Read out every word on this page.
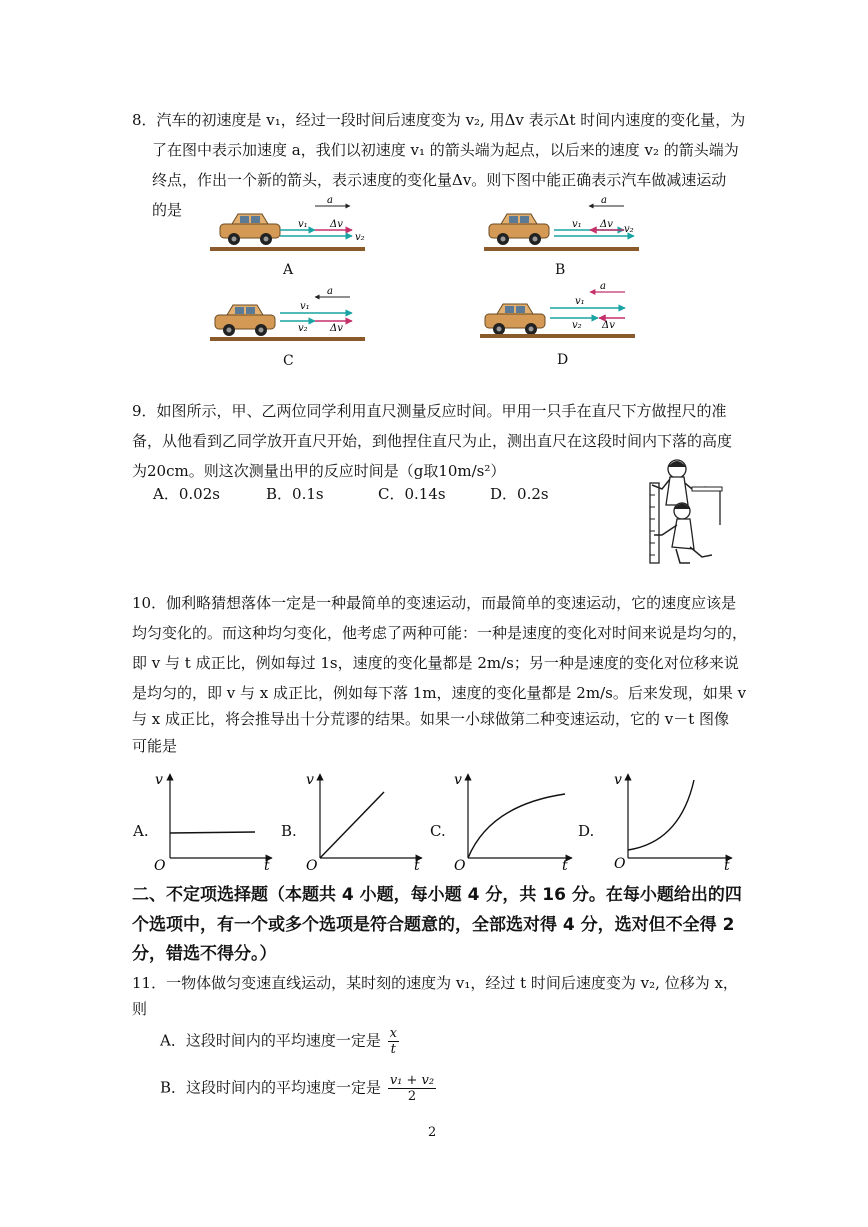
8．汽车的初速度是 v₁，经过一段时间后速度变为 v₂, 用Δv 表示Δt 时间内速度的变化量，为
了在图中表示加速度 a，我们以初速度 v₁ 的箭头端为起点，以后来的速度 v₂ 的箭头端为
终点，作出一个新的箭头，表示速度的变化量Δv。则下图中能正确表示汽车做减速运动
的是
a
v₁ Δv
v₂
A
a
v₁ Δv v₂
B
a
v₁
v₂ Δv
C
a
v₁
v₂ Δv
D
9．如图所示，甲、乙两位同学利用直尺测量反应时间。甲用一只手在直尺下方做捏尺的准
备，从他看到乙同学放开直尺开始，到他捏住直尺为止，测出直尺在这段时间内下落的高度
为20cm。则这次测量出甲的反应时间是（g取10m/s²）
A．0.02s	B．0.1s	C．0.14s	D．0.2s
10．伽利略猜想落体一定是一种最简单的变速运动，而最简单的变速运动，它的速度应该是
均匀变化的。而这种均匀变化，他考虑了两种可能：一种是速度的变化对时间来说是均匀的，
即 v 与 t 成正比，例如每过 1s，速度的变化量都是 2m/s；另一种是速度的变化对位移来说
是均匀的，即 v 与 x 成正比，例如每下落 1m，速度的变化量都是 2m/s。后来发现，如果 v
与 x 成正比，将会推导出十分荒谬的结果。如果一小球做第二种变速运动，它的 v－t 图像
可能是
A.
v
t
O
B.
v
t
O
C.
v
t
O
D.
v
t
O
二、不定项选择题（本题共 4 小题，每小题 4 分，共 16 分。在每小题给出的四
个选项中，有一个或多个选项是符合题意的，全部选对得 4 分，选对但不全得 2
分，错选不得分。）
11．一物体做匀变速直线运动，某时刻的速度为 v₁，经过 t 时间后速度变为 v₂, 位移为 x，
则
A．这段时间内的平均速度一定是 $\frac{x}{t}$
B．这段时间内的平均速度一定是 $\frac{\text{v₁ + v₂}}{2}$
2
